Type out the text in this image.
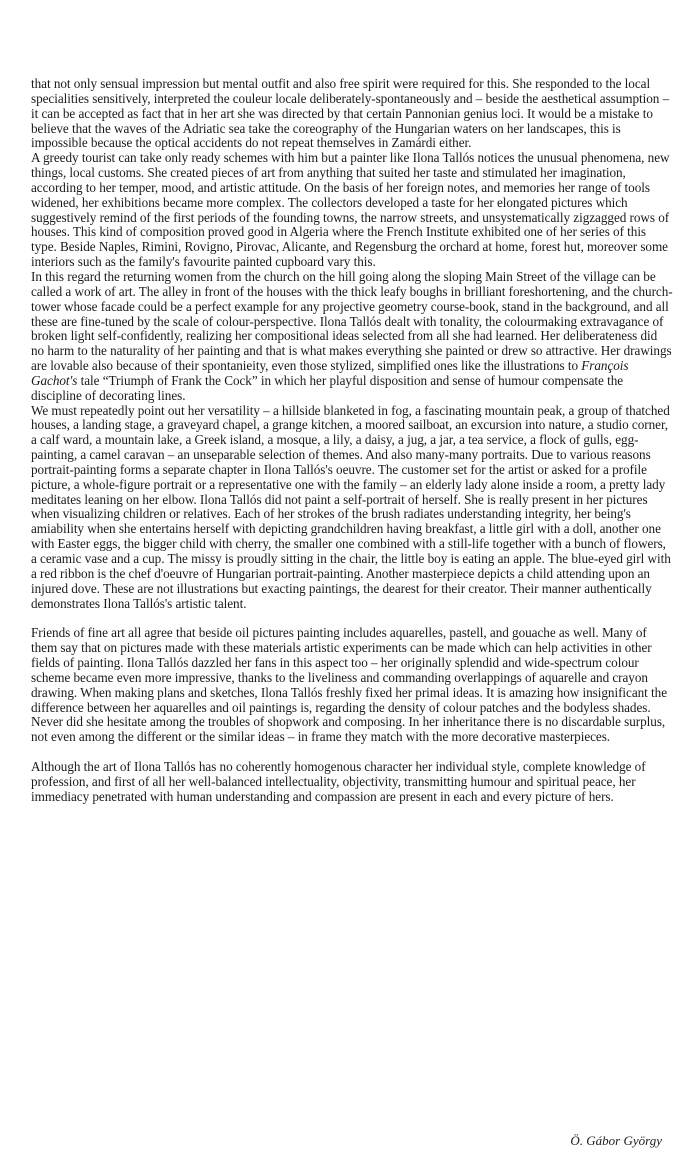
that not only sensual impression but mental outfit and also free spirit were required for this. She responded to the local specialities sensitively, interpreted the couleur locale deliberately-spontaneously and – beside the aesthetical assumption – it can be accepted as fact that in her art she was directed by that certain Pannonian genius loci. It would be a mistake to believe that the waves of the Adriatic sea take the coreography of the Hungarian waters on her landscapes, this is impossible because the optical accidents do not repeat themselves in Zamárdi either.

A greedy tourist can take only ready schemes with him but a painter like Ilona Tallós notices the unusual phenomena, new things, local customs. She created pieces of art from anything that suited her taste and stimulated her imagination, according to her temper, mood, and artistic attitude. On the basis of her foreign notes, and memories her range of tools widened, her exhibitions became more complex. The collectors developed a taste for her elongated pictures which suggestively remind of the first periods of the founding towns, the narrow streets, and unsystematically zigzagged rows of houses. This kind of composition proved good in Algeria where the French Institute exhibited one of her series of this type. Beside Naples, Rimini, Rovigno, Pirovac, Alicante, and Regensburg the orchard at home, forest hut, moreover some interiors such as the family's favourite painted cupboard vary this.

In this regard the returning women from the church on the hill going along the sloping Main Street of the village can be called a work of art. The alley in front of the houses with the thick leafy boughs in brilliant foreshortening, and the church-tower whose facade could be a perfect example for any projective geometry course-book, stand in the background, and all these are fine-tuned by the scale of colour-perspective. Ilona Tallós dealt with tonality, the colourmaking extravagance of broken light self-confidently, realizing her compositional ideas selected from all she had learned. Her deliberateness did no harm to the naturality of her painting and that is what makes everything she painted or drew so attractive. Her drawings are lovable also because of their spontanieity, even those stylized, simplified ones like the illustrations to François Gachot's tale “Triumph of Frank the Cock” in which her playful disposition and sense of humour compensate the discipline of decorating lines.

We must repeatedly point out her versatility – a hillside blanketed in fog, a fascinating mountain peak, a group of thatched houses, a landing stage, a graveyard chapel, a grange kitchen, a moored sailboat, an excursion into nature, a studio corner, a calf ward, a mountain lake, a Greek island, a mosque, a lily, a daisy, a jug, a jar, a tea service, a flock of gulls, egg-painting, a camel caravan – an unseparable selection of themes. And also many-many portraits. Due to various reasons portrait-painting forms a separate chapter in Ilona Tallós's oeuvre. The customer set for the artist or asked for a profile picture, a whole-figure portrait or a representative one with the family – an elderly lady alone inside a room, a pretty lady meditates leaning on her elbow. Ilona Tallós did not paint a self-portrait of herself. She is really present in her pictures when visualizing children or relatives. Each of her strokes of the brush radiates understanding integrity, her being's amiability when she entertains herself with depicting grandchildren having breakfast, a little girl with a doll, another one with Easter eggs, the bigger child with cherry, the smaller one combined with a still-life together with a bunch of flowers, a ceramic vase and a cup. The missy is proudly sitting in the chair, the little boy is eating an apple. The blue-eyed girl with a red ribbon is the chef d'oeuvre of Hungarian portrait-painting. Another masterpiece depicts a child attending upon an injured dove. These are not illustrations but exacting paintings, the dearest for their creator. Their manner authentically demonstrates Ilona Tallós's artistic talent.

Friends of fine art all agree that beside oil pictures painting includes aquarelles, pastell, and gouache as well. Many of them say that on pictures made with these materials artistic experiments can be made which can help activities in other fields of painting. Ilona Tallós dazzled her fans in this aspect too – her originally splendid and wide-spectrum colour scheme became even more impressive, thanks to the liveliness and commanding overlappings of aquarelle and crayon drawing. When making plans and sketches, Ilona Tallós freshly fixed her primal ideas. It is amazing how insignificant the difference between her aquarelles and oil paintings is, regarding the density of colour patches and the bodyless shades. Never did she hesitate among the troubles of shopwork and composing. In her inheritance there is no discardable surplus, not even among the different or the similar ideas – in frame they match with the more decorative masterpieces.

Although the art of Ilona Tallós has no coherently homogenous character her individual style, complete knowledge of profession, and first of all her well-balanced intellectuality, objectivity, transmitting humour and spiritual peace, her immediacy penetrated with human understanding and compassion are present in each and every picture of hers.

Ö. Gábor György
